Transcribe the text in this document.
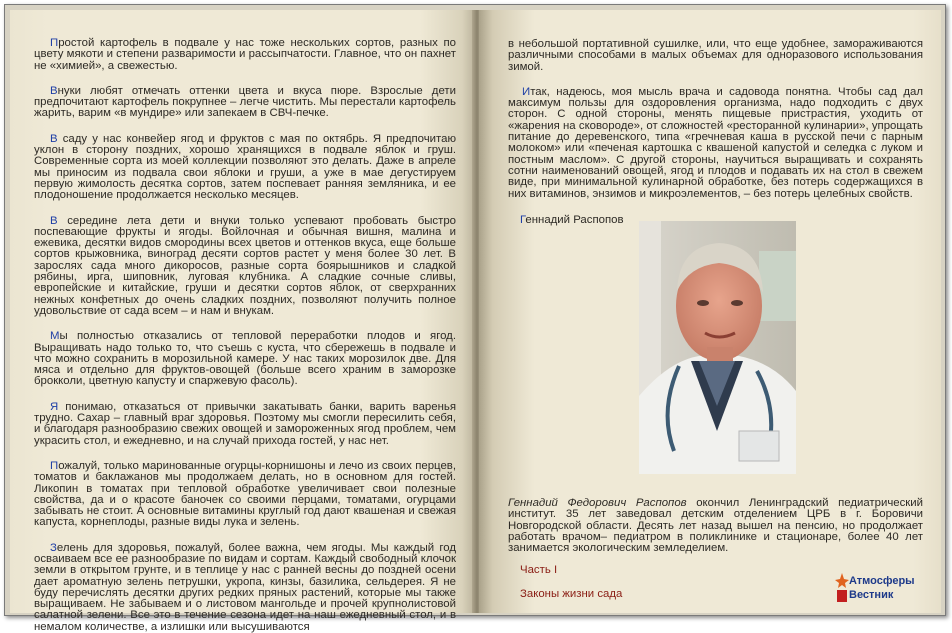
Простой картофель в подвале у нас тоже нескольких сортов, разных по цвету мякоти и степени разваримости и рассыпчатости. Главное, что он пахнет не «химией», а свежестью.

Внуки любят отмечать оттенки цвета и вкуса пюре. Взрослые дети предпочитают картофель покрупнее – легче чистить. Мы перестали картофель жарить, варим «в мундире» или запекаем в СВЧ-печке.

В саду у нас конвейер ягод и фруктов с мая по октябрь. Я предпочитаю уклон в сторону поздних, хорошо хранящихся в подвале яблок и груш. Современные сорта из моей коллекции позволяют это делать. Даже в апреле мы приносим из подвала свои яблоки и груши, а уже в мае дегустируем первую жимолость десятка сортов, затем поспевает ранняя земляника, и ее плодоношение продолжается несколько месяцев.

В середине лета дети и внуки только успевают пробовать быстро поспевающие фрукты и ягоды. Войлочная и обычная вишня, малина и ежевика, десятки видов смородины всех цветов и оттенков вкуса, еще больше сортов крыжовника, виноград десяти сортов растет у меня более 30 лет. В зарослях сада много дикоросов, разные сорта боярышников и сладкой рябины, ирга, шиповник, луговая клубника. А сладкие сочные сливы, европейские и китайские, груши и десятки сортов яблок, от сверхранних нежных конфетных до очень сладких поздних, позволяют получить полное удовольствие от сада всем – и нам и внукам.

Мы полностью отказались от тепловой переработки плодов и ягод. Выращивать надо только то, что съешь с куста, что сбережешь в подвале и что можно сохранить в морозильной камере. У нас таких морозилок две. Для мяса и отдельно для фруктов-овощей (больше всего храним в заморозке брокколи, цветную капусту и спаржевую фасоль).

Я понимаю, отказаться от привычки закатывать банки, варить варенья трудно. Сахар – главный враг здоровья. Поэтому мы смогли пересилить себя, и благодаря разнообразию свежих овощей и замороженных ягод проблем, чем украсить стол, и ежедневно, и на случай прихода гостей, у нас нет.

Пожалуй, только маринованные огурцы-корнишоны и лечо из своих перцев, томатов и баклажанов мы продолжаем делать, но в основном для гостей. Ликопин в томатах при тепловой обработке увеличивает свои полезные свойства, да и о красоте баночек со своими перцами, томатами, огурцами забывать не стоит. А основные витамины круглый год дают квашеная и свежая капуста, корнеплоды, разные виды лука и зелень.

Зелень для здоровья, пожалуй, более важна, чем ягоды. Мы каждый год осваиваем все ее разнообразие по видам и сортам. Каждый свободный клочок земли в открытом грунте, и в теплице у нас с ранней весны до поздней осени дает ароматную зелень петрушки, укропа, кинзы, базилика, сельдерея. Я не буду перечислять десятки других редких пряных растений, которые мы также выращиваем. Не забываем и о листовом мангольде и прочей крупнолистовой салатной зелени. Все это в течение сезона идет на наш ежедневный стол, и в немалом количестве, а излишки или высушиваются

в небольшой портативной сушилке, или, что еще удобнее, замораживаются различными способами в малых объемах для одноразового использования зимой.

Итак, надеюсь, моя мысль врача и садовода понятна. Чтобы сад дал максимум пользы для оздоровления организма, надо подходить с двух сторон. С одной стороны, менять пищевые пристрастия, уходить от «жарения на сковороде», от сложностей «ресторанной кулинарии», упрощать питание до деревенского, типа «гречневая каша в русской печи с парным молоком» или «печеная картошка с квашеной капустой и селедка с луком и постным маслом». С другой стороны, научиться выращивать и сохранять сотни наименований овощей, ягод и плодов и подавать их на стол в свежем виде, при минимальной кулинарной обработке, без потерь содержащихся в них витаминов, энзимов и микроэлементов, – без потерь целебных свойств.

Геннадий Распопов

Геннадий Федорович Распопов окончил Ленинградский педиатрический институт. 35 лет заведовал детским отделением ЦРБ в г. Боровичи Новгородской области. Десять лет назад вышел на пенсию, но продолжает работать врачом– педиатром в поликлинике и стационаре, более 40 лет занимается экологическим земледелием.

Часть I
Законы жизни сада
Атмосферы
Вестник
